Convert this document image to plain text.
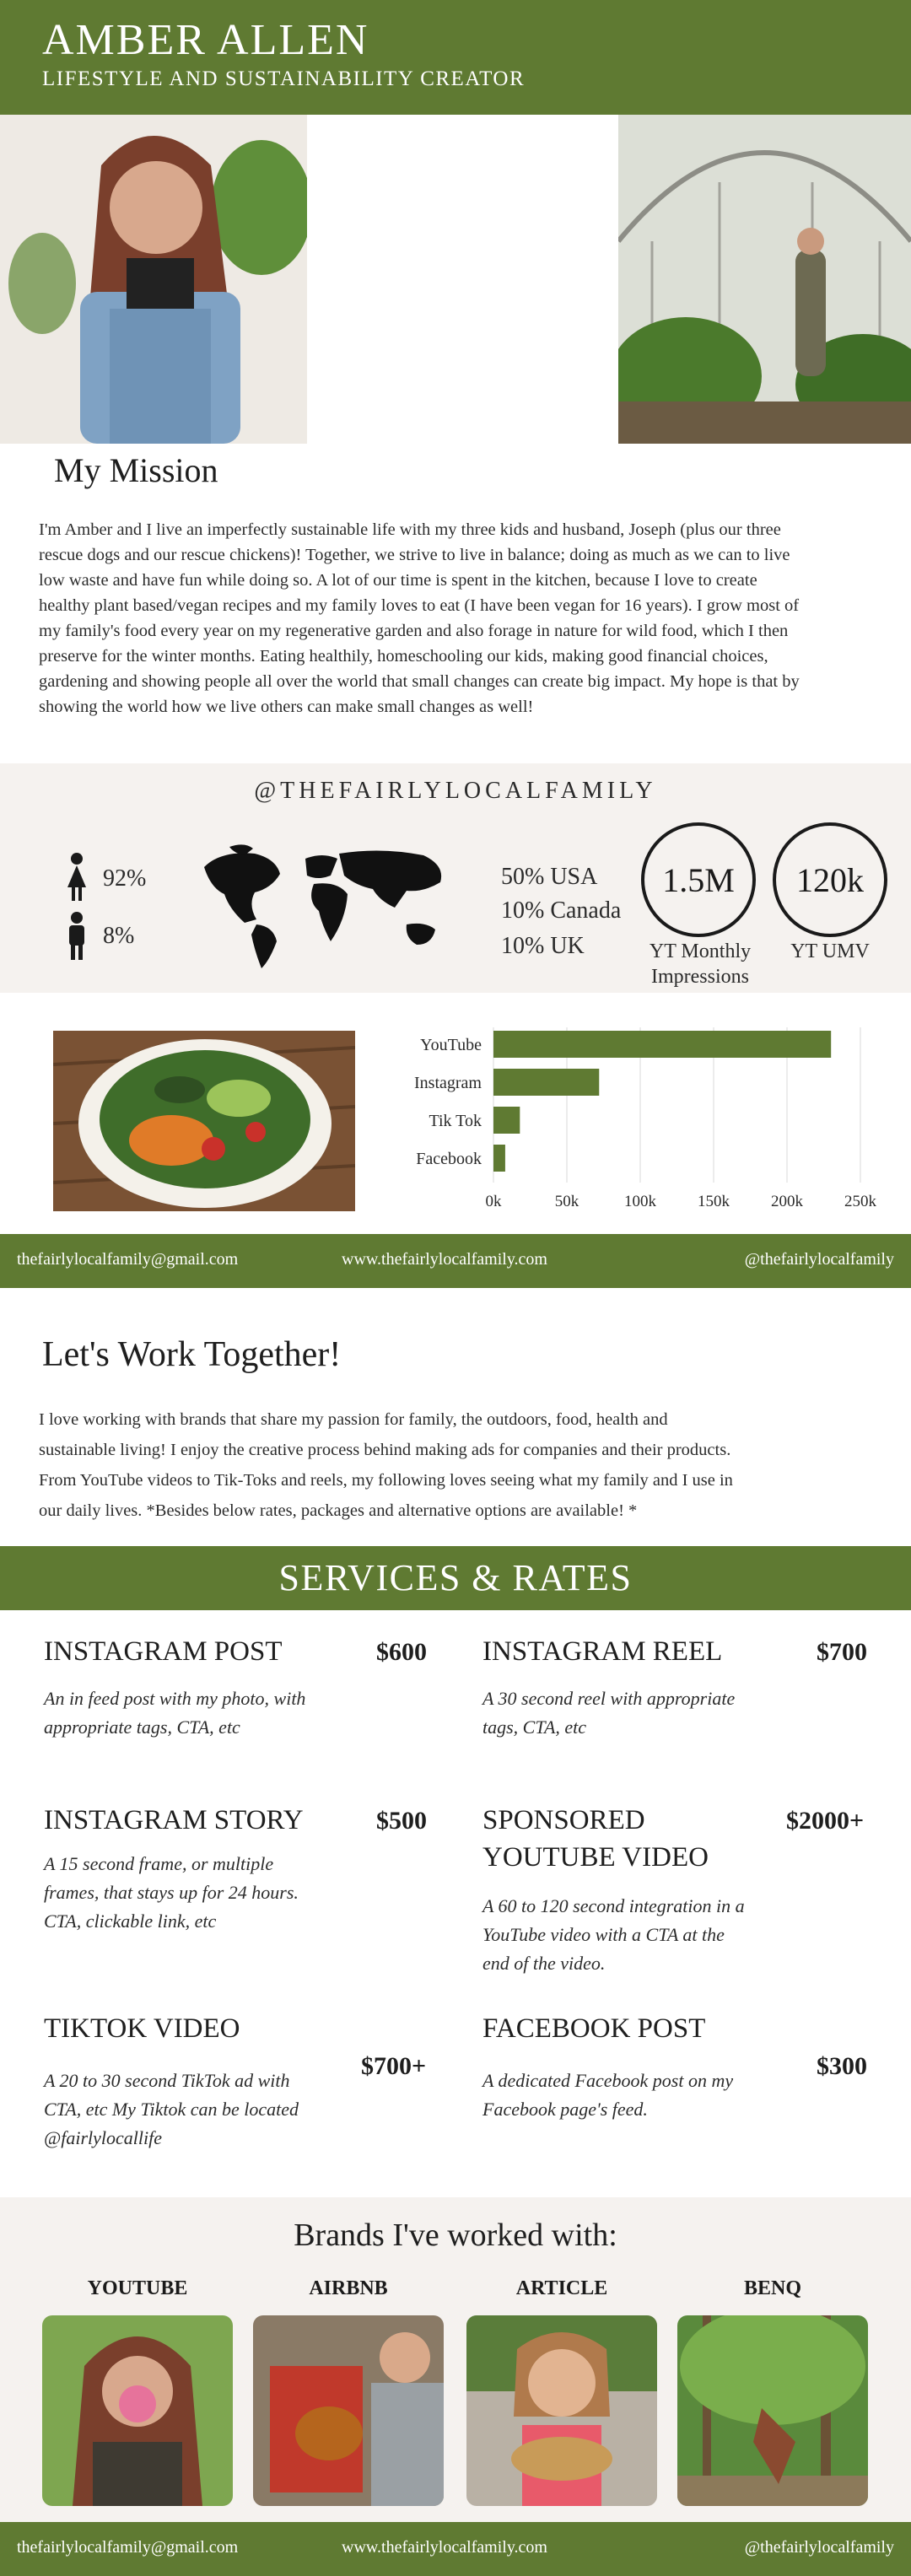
AMBER ALLEN
LIFESTYLE AND SUSTAINABILITY CREATOR
My Mission
I'm Amber and I live an imperfectly sustainable life with my three kids and husband, Joseph (plus our three
rescue dogs and our rescue chickens)! Together, we strive to live in balance; doing as much as we can to live
low waste and have fun while doing so. A lot of our time is spent in the kitchen, because I love to create
healthy plant based/vegan recipes and my family loves to eat (I have been vegan for 16 years). I grow most of
my family's food every year on my regenerative garden and also forage in nature for wild food, which I then
preserve for the winter months. Eating healthily, homeschooling our kids, making good financial choices,
gardening and showing people all over the world that small changes can create big impact. My hope is that by
showing the world how we live others can make small changes as well!
@THEFAIRLYLOCALFAMILY
92%
8%
50% USA
10% Canada
10% UK
1.5M
YT Monthly
Impressions
120k
YT UMV
0k	50k	100k	150k	200k	250k
YouTube
Instagram
Tik Tok
Facebook
thefairlylocalfamily@gmail.com	www.thefairlylocalfamily.com	@thefairlylocalfamily
Let's Work Together!
I love working with brands that share my passion for family, the outdoors, food, health and
sustainable living! I enjoy the creative process behind making ads for companies and their products.
From YouTube videos to Tik-Toks and reels, my following loves seeing what my family and I use in
our daily lives. *Besides below rates, packages and alternative options are available! *
SERVICES & RATES
INSTAGRAM POST	$600
An in feed post with my photo, with
appropriate tags, CTA, etc
INSTAGRAM REEL	$700
A 30 second reel with appropriate
tags, CTA, etc
INSTAGRAM STORY	$500
A 15 second frame, or multiple
frames, that stays up for 24 hours.
CTA, clickable link, etc
SPONSORED
YOUTUBE VIDEO
$2000+
A 60 to 120 second integration in a
YouTube video with a CTA at the
end of the video.
TIKTOK VIDEO
$700+
A 20 to 30 second TikTok ad with
CTA, etc My Tiktok can be located
@fairlylocallife
FACEBOOK POST
$300
A dedicated Facebook post on my
Facebook page's feed.
Brands I've worked with:
YOUTUBE	AIRBNB	ARTICLE	BENQ
thefairlylocalfamily@gmail.com	www.thefairlylocalfamily.com	@thefairlylocalfamily
